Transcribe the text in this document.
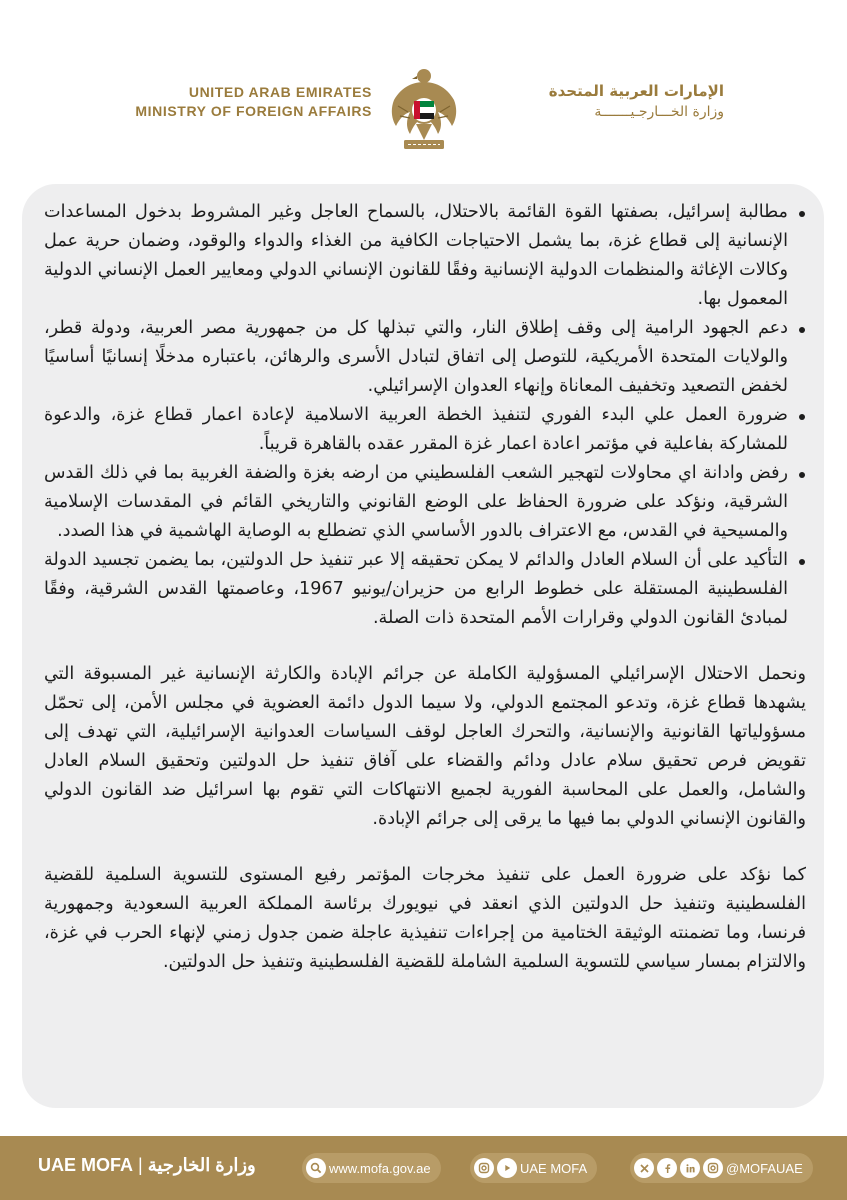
UNITED ARAB EMIRATES
MINISTRY OF FOREIGN AFFAIRS
الإمارات العربية المتحدة
وزارة الخـــارجـيـــــــة
مطالبة إسرائيل، بصفتها القوة القائمة بالاحتلال، بالسماح العاجل وغير المشروط بدخول المساعدات الإنسانية إلى قطاع غزة، بما يشمل الاحتياجات الكافية من الغذاء والدواء والوقود، وضمان حرية عمل وكالات الإغاثة والمنظمات الدولية الإنسانية وفقًا للقانون الإنساني الدولي ومعايير العمل الإنساني الدولية المعمول بها.
دعم الجهود الرامية إلى وقف إطلاق النار، والتي تبذلها كل من جمهورية مصر العربية، ودولة قطر، والولايات المتحدة الأمريكية، للتوصل إلى اتفاق لتبادل الأسرى والرهائن، باعتباره مدخلًا إنسانيًا أساسيًا لخفض التصعيد وتخفيف المعاناة وإنهاء العدوان الإسرائيلي.
ضرورة العمل علي البدء الفوري لتنفيذ الخطة العربية الاسلامية لإعادة اعمار قطاع غزة، والدعوة للمشاركة بفاعلية في مؤتمر اعادة اعمار غزة المقرر عقده بالقاهرة قريباً.
رفض وادانة اي محاولات لتهجير الشعب الفلسطيني من ارضه بغزة والضفة الغربية بما في ذلك القدس الشرقية، ونؤكد على ضرورة الحفاظ على الوضع القانوني والتاريخي القائم في المقدسات الإسلامية والمسيحية في القدس، مع الاعتراف بالدور الأساسي الذي تضطلع به الوصاية الهاشمية في هذا الصدد.
التأكيد على أن السلام العادل والدائم لا يمكن تحقيقه إلا عبر تنفيذ حل الدولتين، بما يضمن تجسيد الدولة الفلسطينية المستقلة على خطوط الرابع من حزيران/يونيو 1967، وعاصمتها القدس الشرقية، وفقًا لمبادئ القانون الدولي وقرارات الأمم المتحدة ذات الصلة.

ونحمل الاحتلال الإسرائيلي المسؤولية الكاملة عن جرائم الإبادة والكارثة الإنسانية غير المسبوقة التي يشهدها قطاع غزة، وتدعو المجتمع الدولي، ولا سيما الدول دائمة العضوية في مجلس الأمن، إلى تحمّل مسؤولياتها القانونية والإنسانية، والتحرك العاجل لوقف السياسات العدوانية الإسرائيلية، التي تهدف إلى تقويض فرص تحقيق سلام عادل ودائم والقضاء على آفاق تنفيذ حل الدولتين وتحقيق السلام العادل والشامل، والعمل على المحاسبة الفورية لجميع الانتهاكات التي تقوم بها اسرائيل ضد القانون الدولي والقانون الإنساني الدولي بما فيها ما يرقى إلى جرائم الإبادة.

كما نؤكد على ضرورة العمل على تنفيذ مخرجات المؤتمر رفيع المستوى للتسوية السلمية للقضية الفلسطينية وتنفيذ حل الدولتين الذي انعقد في نيويورك برئاسة المملكة العربية السعودية وجمهورية فرنسا، وما تضمنته الوثيقة الختامية من إجراءات تنفيذية عاجلة ضمن جدول زمني لإنهاء الحرب في غزة، والالتزام بمسار سياسي للتسوية السلمية الشاملة للقضية الفلسطينية وتنفيذ حل الدولتين.

UAE MOFA | وزارة الخارجية	www.mofa.gov.ae	UAE MOFA	@MOFAUAE
